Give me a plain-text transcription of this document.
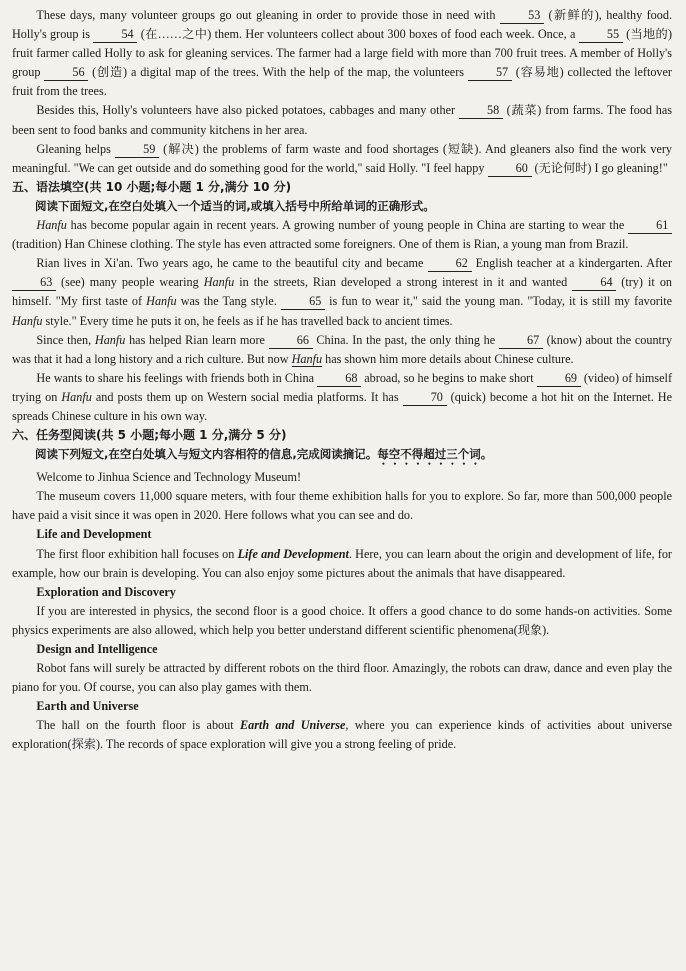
These days, many volunteer groups go out gleaning in order to provide those in need with	53 (新鲜的), healthy food. Holly's group is	54 (在……之中) them. Her volunteers collect about 300 boxes of food each week. Once, a	55 (当地的) fruit farmer called Holly to ask for gleaning services. The farmer had a large field with more than 700 fruit trees. A member of Holly's group	56 (创造) a digital map of the trees. With the help of the map, the volunteers	57 (容易地) collected the leftover fruit from the trees.

Besides this, Holly's volunteers have also picked potatoes, cabbages and many other	58 (蔬菜) from farms. The food has been sent to food banks and community kitchens in her area.

Gleaning helps	59 (解决) the problems of farm waste and food shortages (短缺). And gleaners also find the work very meaningful. "We can get outside and do something good for the world," said Holly. "I feel happy	60 (无论何时) I go gleaning!"

五、语法填空(共 10 小题;每小题 1 分,满分 10 分)

阅读下面短文,在空白处填入一个适当的词,或填入括号中所给单词的正确形式。

Hanfu has become popular again in recent years. A growing number of young people in China are starting to wear the	61 (tradition) Han Chinese clothing. The style has even attracted some foreigners. One of them is Rian, a young man from Brazil.

Rian lives in Xi'an. Two years ago, he came to the beautiful city and became	62 English teacher at a kindergarten. After 63 (see) many people wearing Hanfu in the streets, Rian developed a strong interest in it and wanted	64 (try) it on himself. "My first taste of Hanfu was the Tang style.	65 is fun to wear it," said the young man. "Today, it is still my favorite Hanfu style." Every time he puts it on, he feels as if he has travelled back to ancient times.

Since then, Hanfu has helped Rian learn more	66 China. In the past, the only thing he	67 (know) about the country was that it had a long history and a rich culture. But now Hanfu has shown him more details about Chinese culture.

He wants to share his feelings with friends both in China	68 abroad, so he begins to make short	69 (video) of himself trying on Hanfu and posts them up on Western social media platforms. It has	70 (quick) become a hot hit on the Internet. He spreads Chinese culture in his own way.

六、任务型阅读(共 5 小题;每小题 1 分,满分 5 分)

阅读下列短文,在空白处填入与短文内容相符的信息,完成阅读摘记。每空不得超过三个词。

Welcome to Jinhua Science and Technology Museum!

The museum covers 11,000 square meters, with four theme exhibition halls for you to explore. So far, more than 500,000 people have paid a visit since it was open in 2020. Here follows what you can see and do.

Life and Development

The first floor exhibition hall focuses on Life and Development. Here, you can learn about the origin and development of life, for example, how our brain is developing. You can also enjoy some pictures about the animals that have disappeared.

Exploration and Discovery

If you are interested in physics, the second floor is a good choice. It offers a good chance to do some hands-on activities. Some physics experiments are also allowed, which help you better understand different scientific phenomena(现象).

Design and Intelligence

Robot fans will surely be attracted by different robots on the third floor. Amazingly, the robots can draw, dance and even play the piano for you. Of course, you can also play games with them.

Earth and Universe

The hall on the fourth floor is about Earth and Universe, where you can experience kinds of activities about universe exploration(探索). The records of space exploration will give you a strong feeling of pride.
